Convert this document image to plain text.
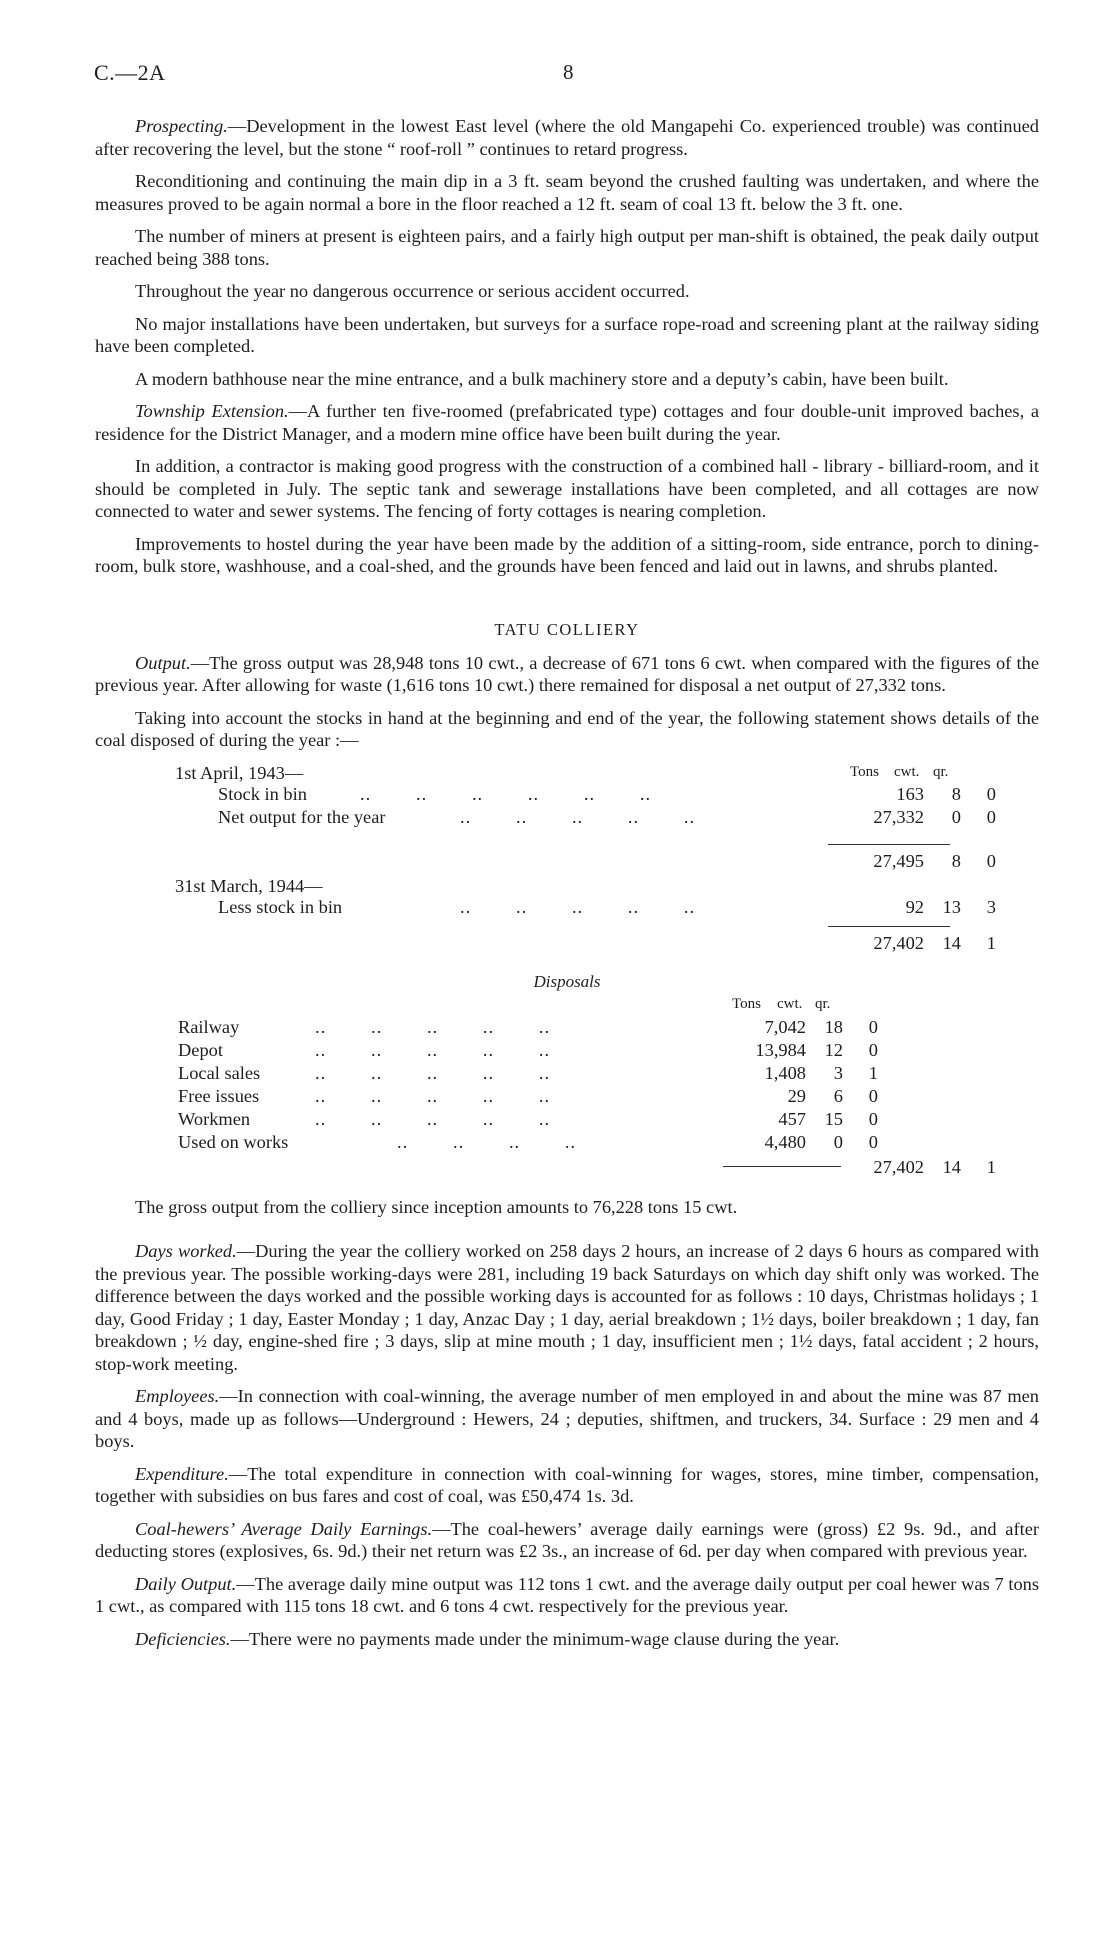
C.—2A	8

Prospecting.—Development in the lowest East level (where the old Mangapehi Co. experienced trouble) was continued after recovering the level, but the stone “ roof-roll ” continues to retard progress.

Reconditioning and continuing the main dip in a 3 ft. seam beyond the crushed faulting was undertaken, and where the measures proved to be again normal a bore in the floor reached a 12 ft. seam of coal 13 ft. below the 3 ft. one.

The number of miners at present is eighteen pairs, and a fairly high output per man-shift is obtained, the peak daily output reached being 388 tons.

Throughout the year no dangerous occurrence or serious accident occurred.

No major installations have been undertaken, but surveys for a surface rope-road and screening plant at the railway siding have been completed.

A modern bathhouse near the mine entrance, and a bulk machinery store and a deputy’s cabin, have been built.

Township Extension.—A further ten five-roomed (prefabricated type) cottages and four double-unit improved baches, a residence for the District Manager, and a modern mine office have been built during the year.

In addition, a contractor is making good progress with the construction of a combined hall - library - billiard-room, and it should be completed in July. The septic tank and sewerage installations have been completed, and all cottages are now connected to water and sewer systems. The fencing of forty cottages is nearing completion.

Improvements to hostel during the year have been made by the addition of a sitting-room, side entrance, porch to dining-room, bulk store, washhouse, and a coal-shed, and the grounds have been fenced and laid out in lawns, and shrubs planted.

TATU COLLIERY

Output.—The gross output was 28,948 tons 10 cwt., a decrease of 671 tons 6 cwt. when compared with the figures of the previous year. After allowing for waste (1,616 tons 10 cwt.) there remained for disposal a net output of 27,332 tons.

Taking into account the stocks in hand at the beginning and end of the year, the following statement shows details of the coal disposed of during the year :—

Tons cwt. qr.
1st April, 1943—
Stock in bin	..        ..        ..        ..        ..        ..	163 8 0
Net output for the year	..        ..        ..        ..        ..	27,332 0 0
27,495 8 0
31st March, 1944—
Less stock in bin	..        ..        ..        ..        ..	92 13 3
27,402 14 1
Disposals
Tons cwt. qr.
Railway	..        ..        ..        ..        ..	7,042 18 0
Depot	..        ..        ..        ..        ..	13,984 12 0
Local sales	..        ..        ..        ..        ..	1,408 3 1
Free issues	..        ..        ..        ..        ..	29 6 0
Workmen	..        ..        ..        ..        ..	457 15 0
Used on works	..        ..        ..        ..	4,480 0 0
27,402 14 1

The gross output from the colliery since inception amounts to 76,228 tons 15 cwt.

Days worked.—During the year the colliery worked on 258 days 2 hours, an increase of 2 days 6 hours as compared with the previous year. The possible working-days were 281, including 19 back Saturdays on which day shift only was worked. The difference between the days worked and the possible working days is accounted for as follows : 10 days, Christmas holidays ; 1 day, Good Friday ; 1 day, Easter Monday ; 1 day, Anzac Day ; 1 day, aerial breakdown ; 1½ days, boiler breakdown ; 1 day, fan breakdown ; ½ day, engine-shed fire ; 3 days, slip at mine mouth ; 1 day, insufficient men ; 1½ days, fatal accident ; 2 hours, stop-work meeting.

Employees.—In connection with coal-winning, the average number of men employed in and about the mine was 87 men and 4 boys, made up as follows—Underground : Hewers, 24 ; deputies, shiftmen, and truckers, 34. Surface : 29 men and 4 boys.

Expenditure.—The total expenditure in connection with coal-winning for wages, stores, mine timber, compensation, together with subsidies on bus fares and cost of coal, was £50,474 1s. 3d.

Coal-hewers’ Average Daily Earnings.—The coal-hewers’ average daily earnings were (gross) £2 9s. 9d., and after deducting stores (explosives, 6s. 9d.) their net return was £2 3s., an increase of 6d. per day when compared with previous year.

Daily Output.—The average daily mine output was 112 tons 1 cwt. and the average daily output per coal hewer was 7 tons 1 cwt., as compared with 115 tons 18 cwt. and 6 tons 4 cwt. respectively for the previous year.

Deficiencies.—There were no payments made under the minimum-wage clause during the year.
